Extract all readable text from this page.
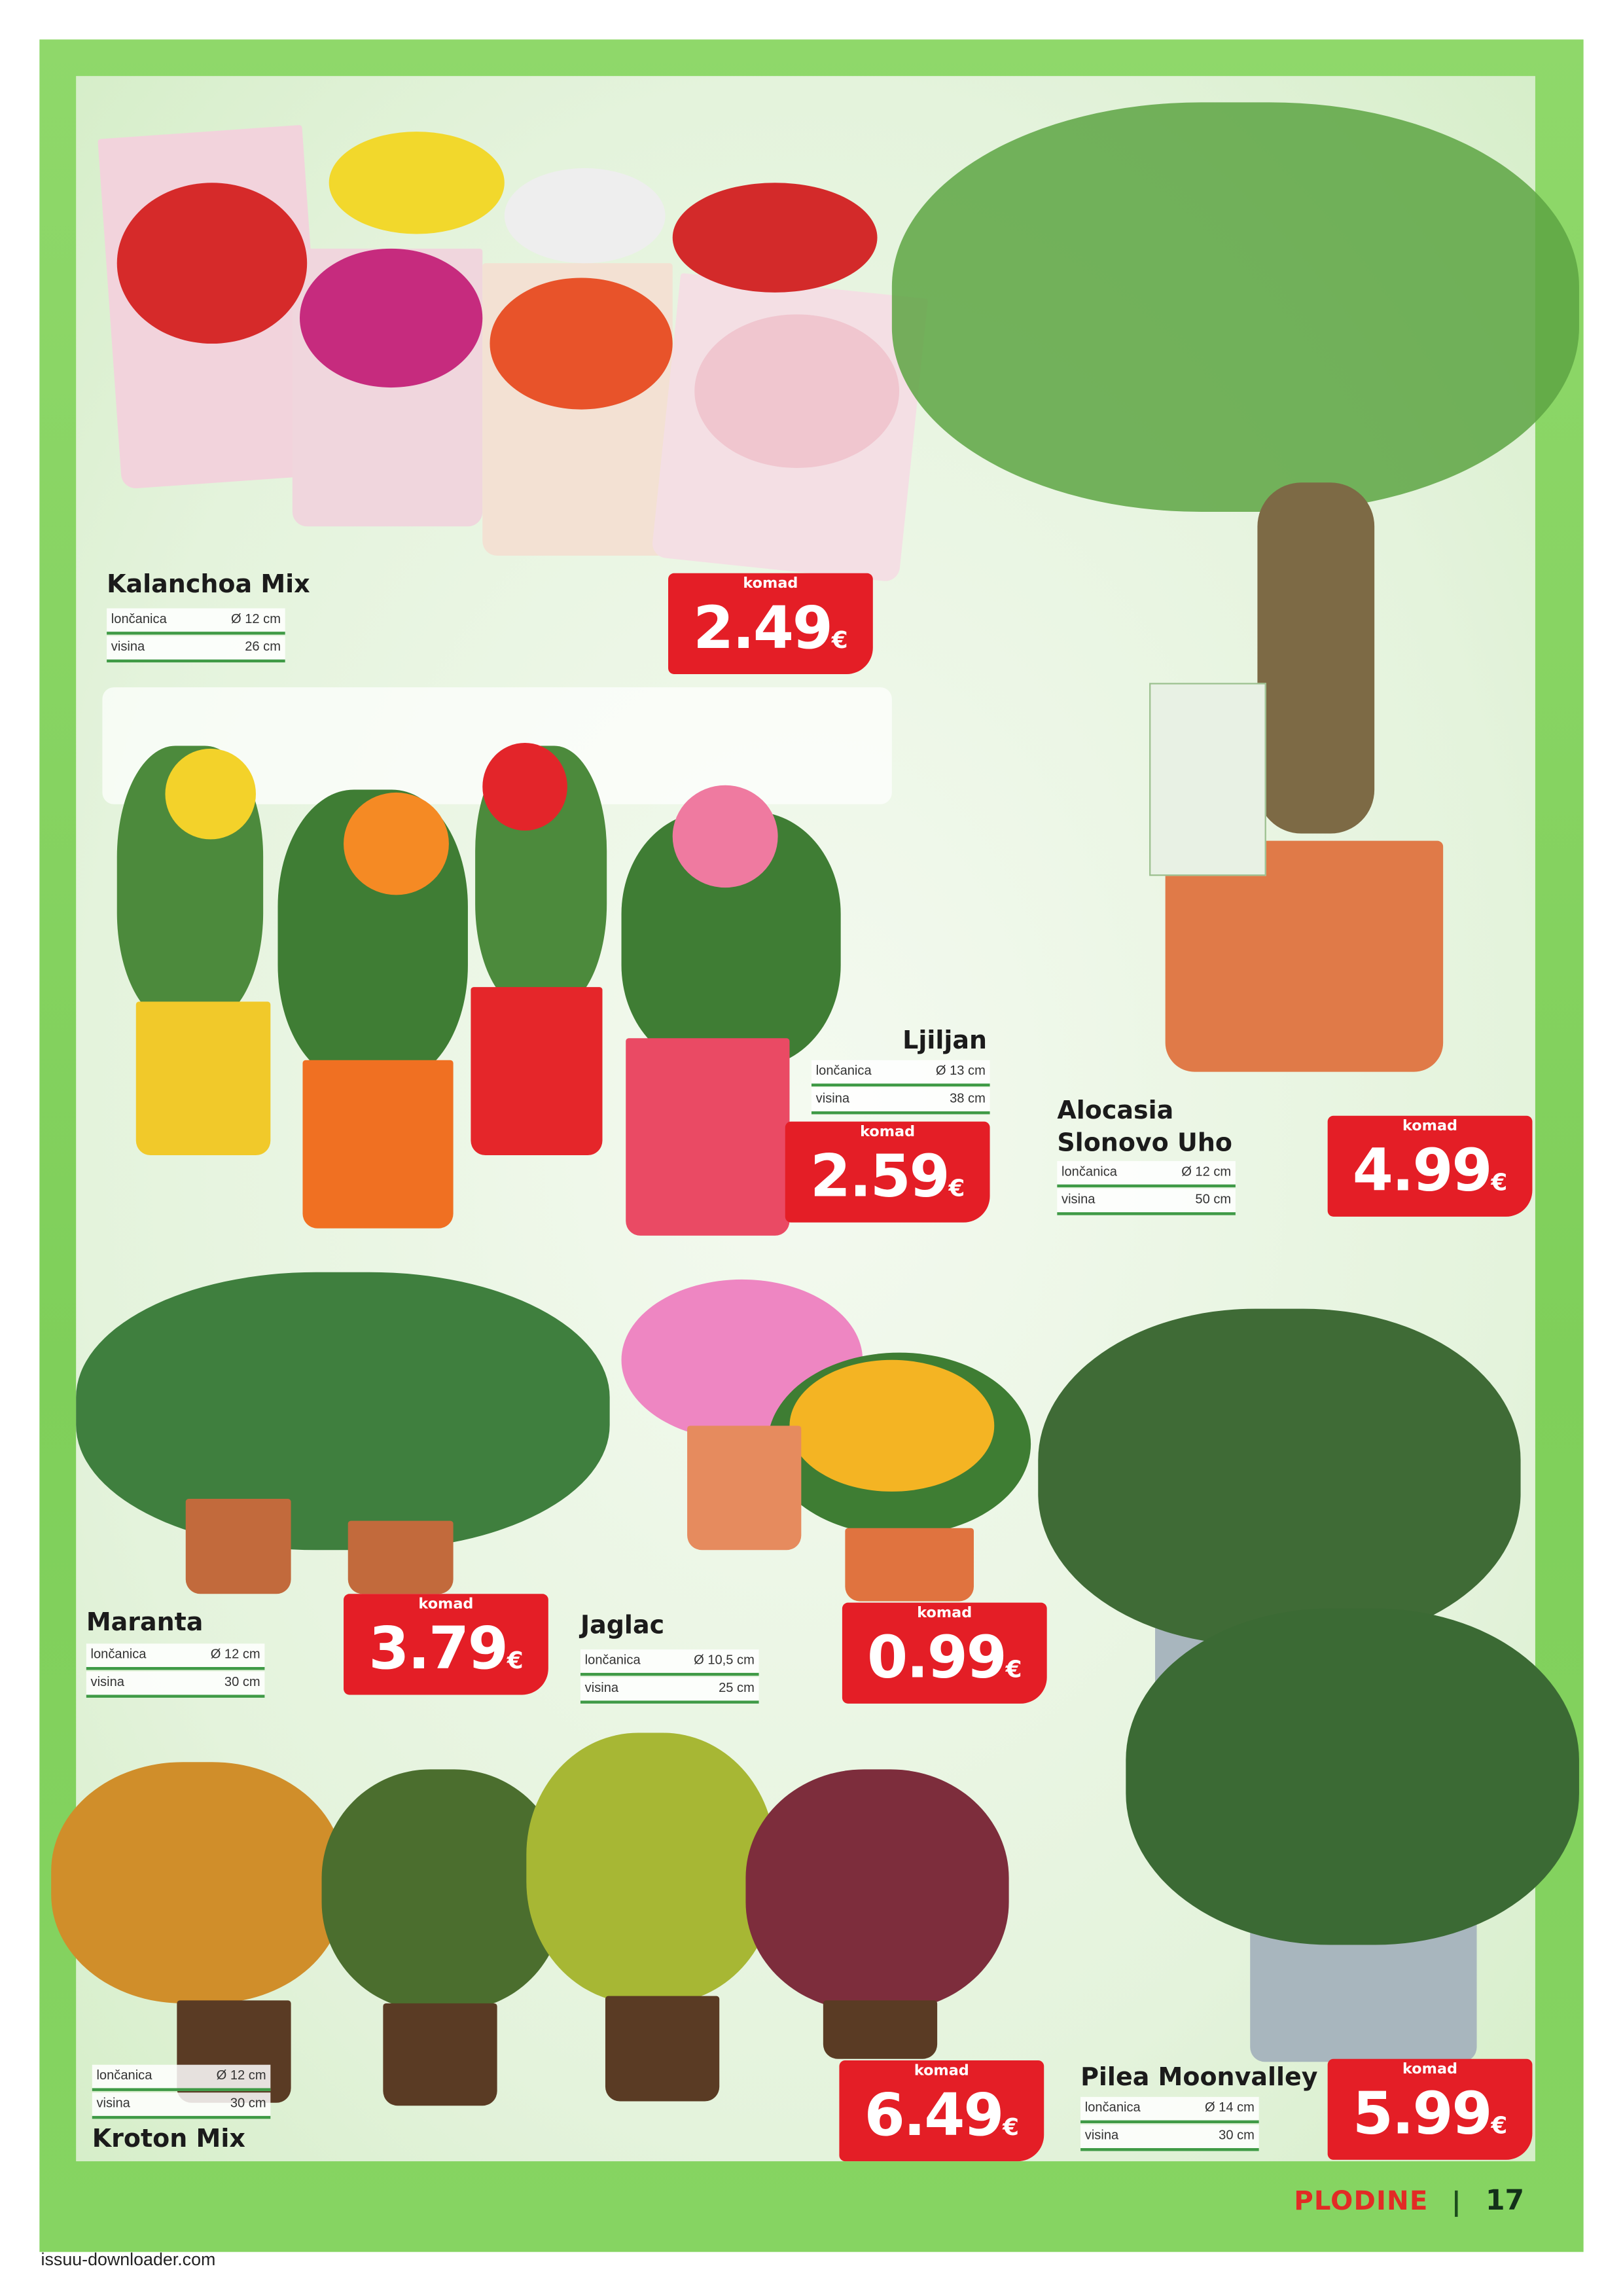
Kalanchoa Mix
lončanica	Ø 12 cm
visina	26 cm
komad
2.49€
Ljiljan
lončanica	Ø 13 cm
visina	38 cm
komad
2.59€
Alocasia
Slonovo Uho
lončanica	Ø 12 cm
visina	50 cm
komad
4.99€
Maranta
lončanica	Ø 12 cm
visina	30 cm
komad
3.79€
Jaglac
lončanica	Ø 10,5 cm
visina	25 cm
komad
0.99€
lončanica	Ø 12 cm
visina	30 cm
Kroton Mix
komad
6.49€
Pilea Moonvalley
lončanica	Ø 14 cm
visina	30 cm
komad
5.99€
PLODINE	17
issuu-downloader.com
